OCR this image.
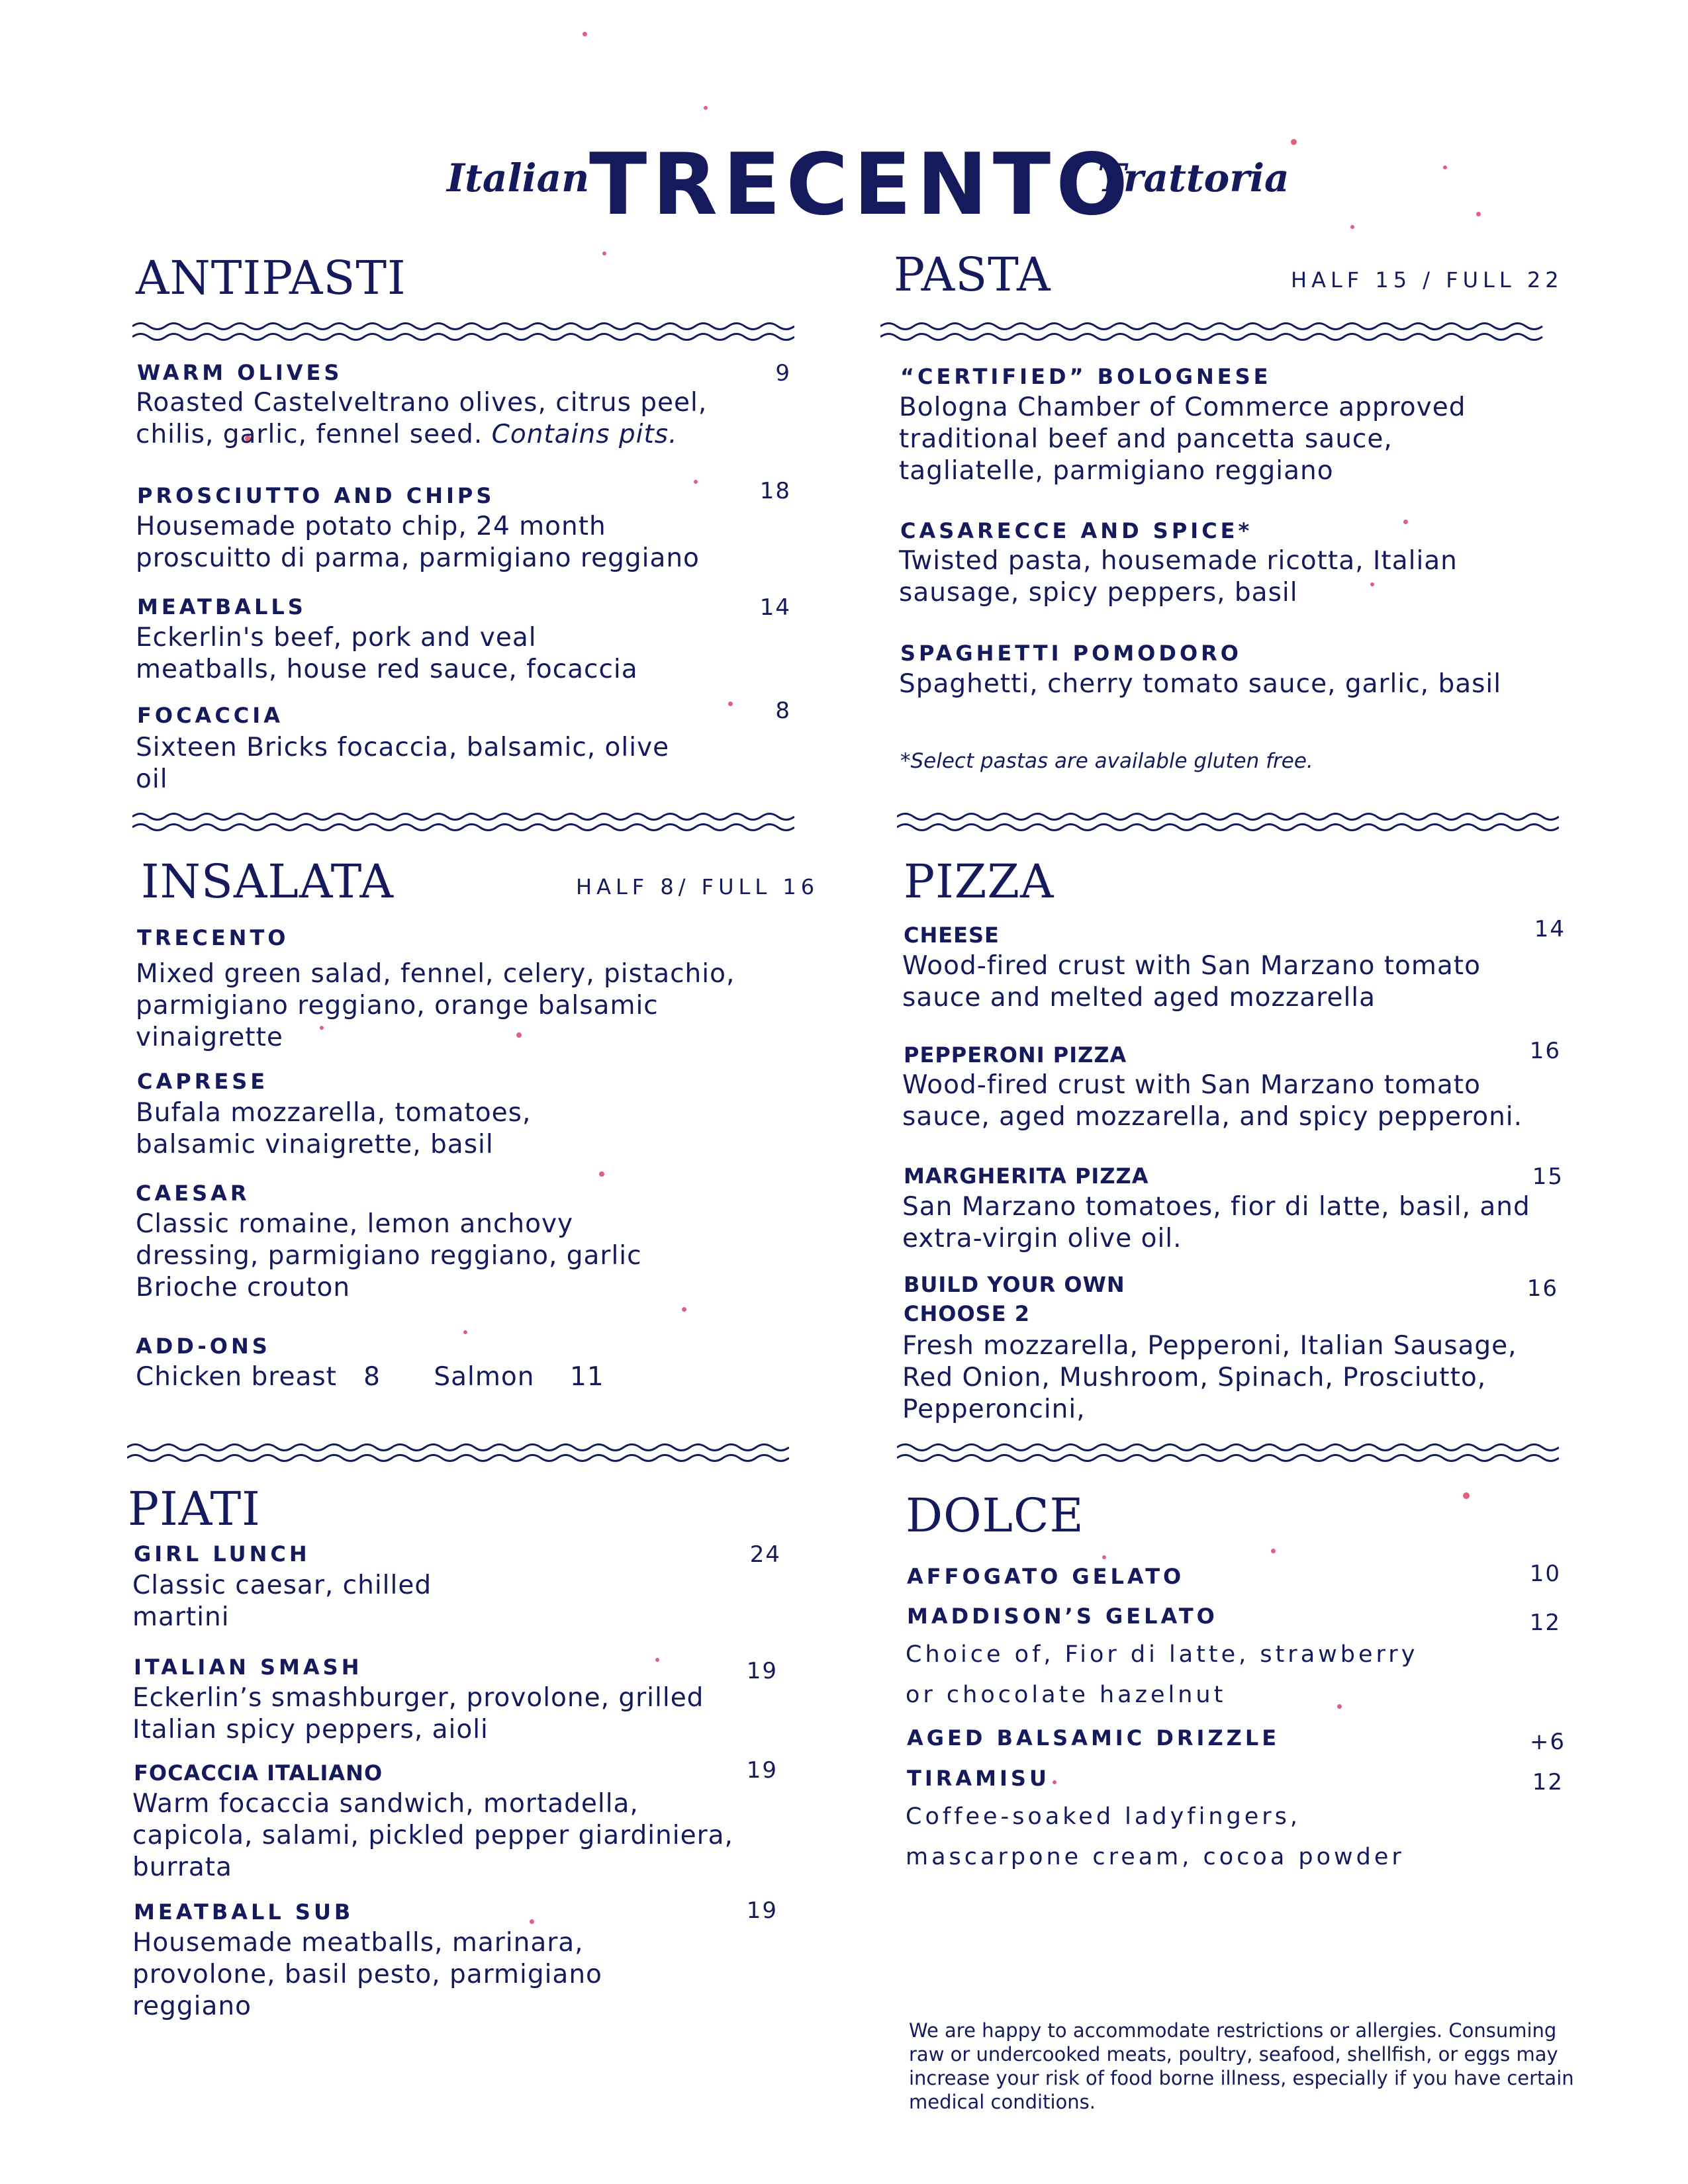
Italian TRECENTO
Trattoria
ANTIPASTI
WARM OLIVES	9
Roasted Castelveltrano olives, citrus peel, chilis, garlic, fennel seed. Contains pits.
PROSCIUTTO AND CHIPS	18
Housemade potato chip, 24 month proscuitto di parma, parmigiano reggiano
MEATBALLS	14
Eckerlin's beef, pork and veal meatballs, house red sauce, focaccia
FOCACCIA	8
Sixteen Bricks focaccia, balsamic, olive oil
PASTA	HALF 15 / FULL 22
“CERTIFIED” BOLOGNESE
Bologna Chamber of Commerce approved traditional beef and pancetta sauce, tagliatelle, parmigiano reggiano
CASARECCE AND SPICE*
Twisted pasta, housemade ricotta, Italian sausage, spicy peppers, basil
SPAGHETTI POMODORO
Spaghetti, cherry tomato sauce, garlic, basil
*Select pastas are available gluten free.
INSALATA	HALF 8/ FULL 16
TRECENTO
Mixed green salad, fennel, celery, pistachio, parmigiano reggiano, orange balsamic vinaigrette
CAPRESE
Bufala mozzarella, tomatoes, balsamic vinaigrette, basil
CAESAR
Classic romaine, lemon anchovy dressing, parmigiano reggiano, garlic Brioche crouton
ADD-ONS
Chicken breast 8 Salmon 11
PIZZA
CHEESE	14
Wood-fired crust with San Marzano tomato sauce and melted aged mozzarella
PEPPERONI PIZZA	16
Wood-fired crust with San Marzano tomato sauce, aged mozzarella, and spicy pepperoni.
MARGHERITA PIZZA	15
San Marzano tomatoes, fior di latte, basil, and extra-virgin olive oil.
BUILD YOUR OWN
CHOOSE 2
16
Fresh mozzarella, Pepperoni, Italian Sausage, Red Onion, Mushroom, Spinach, Prosciutto, Pepperoncini,
PIATI
GIRL LUNCH	24
Classic caesar, chilled martini
ITALIAN SMASH	19
Eckerlin’s smashburger, provolone, grilled Italian spicy peppers, aioli
FOCACCIA ITALIANO	19
Warm focaccia sandwich, mortadella, capicola, salami, pickled pepper giardiniera, burrata
MEATBALL SUB	19
Housemade meatballs, marinara, provolone, basil pesto, parmigiano reggiano
DOLCE
AFFOGATO GELATO	10
MADDISON’S GELATO	12
Choice of, Fior di latte, strawberry or chocolate hazelnut
AGED BALSAMIC DRIZZLE	+6
TIRAMISU	12
Coffee-soaked ladyfingers, mascarpone cream, cocoa powder
We are happy to accommodate restrictions or allergies. Consuming raw or undercooked meats, poultry, seafood, shellfish, or eggs may increase your risk of food borne illness, especially if you have certain medical conditions.
